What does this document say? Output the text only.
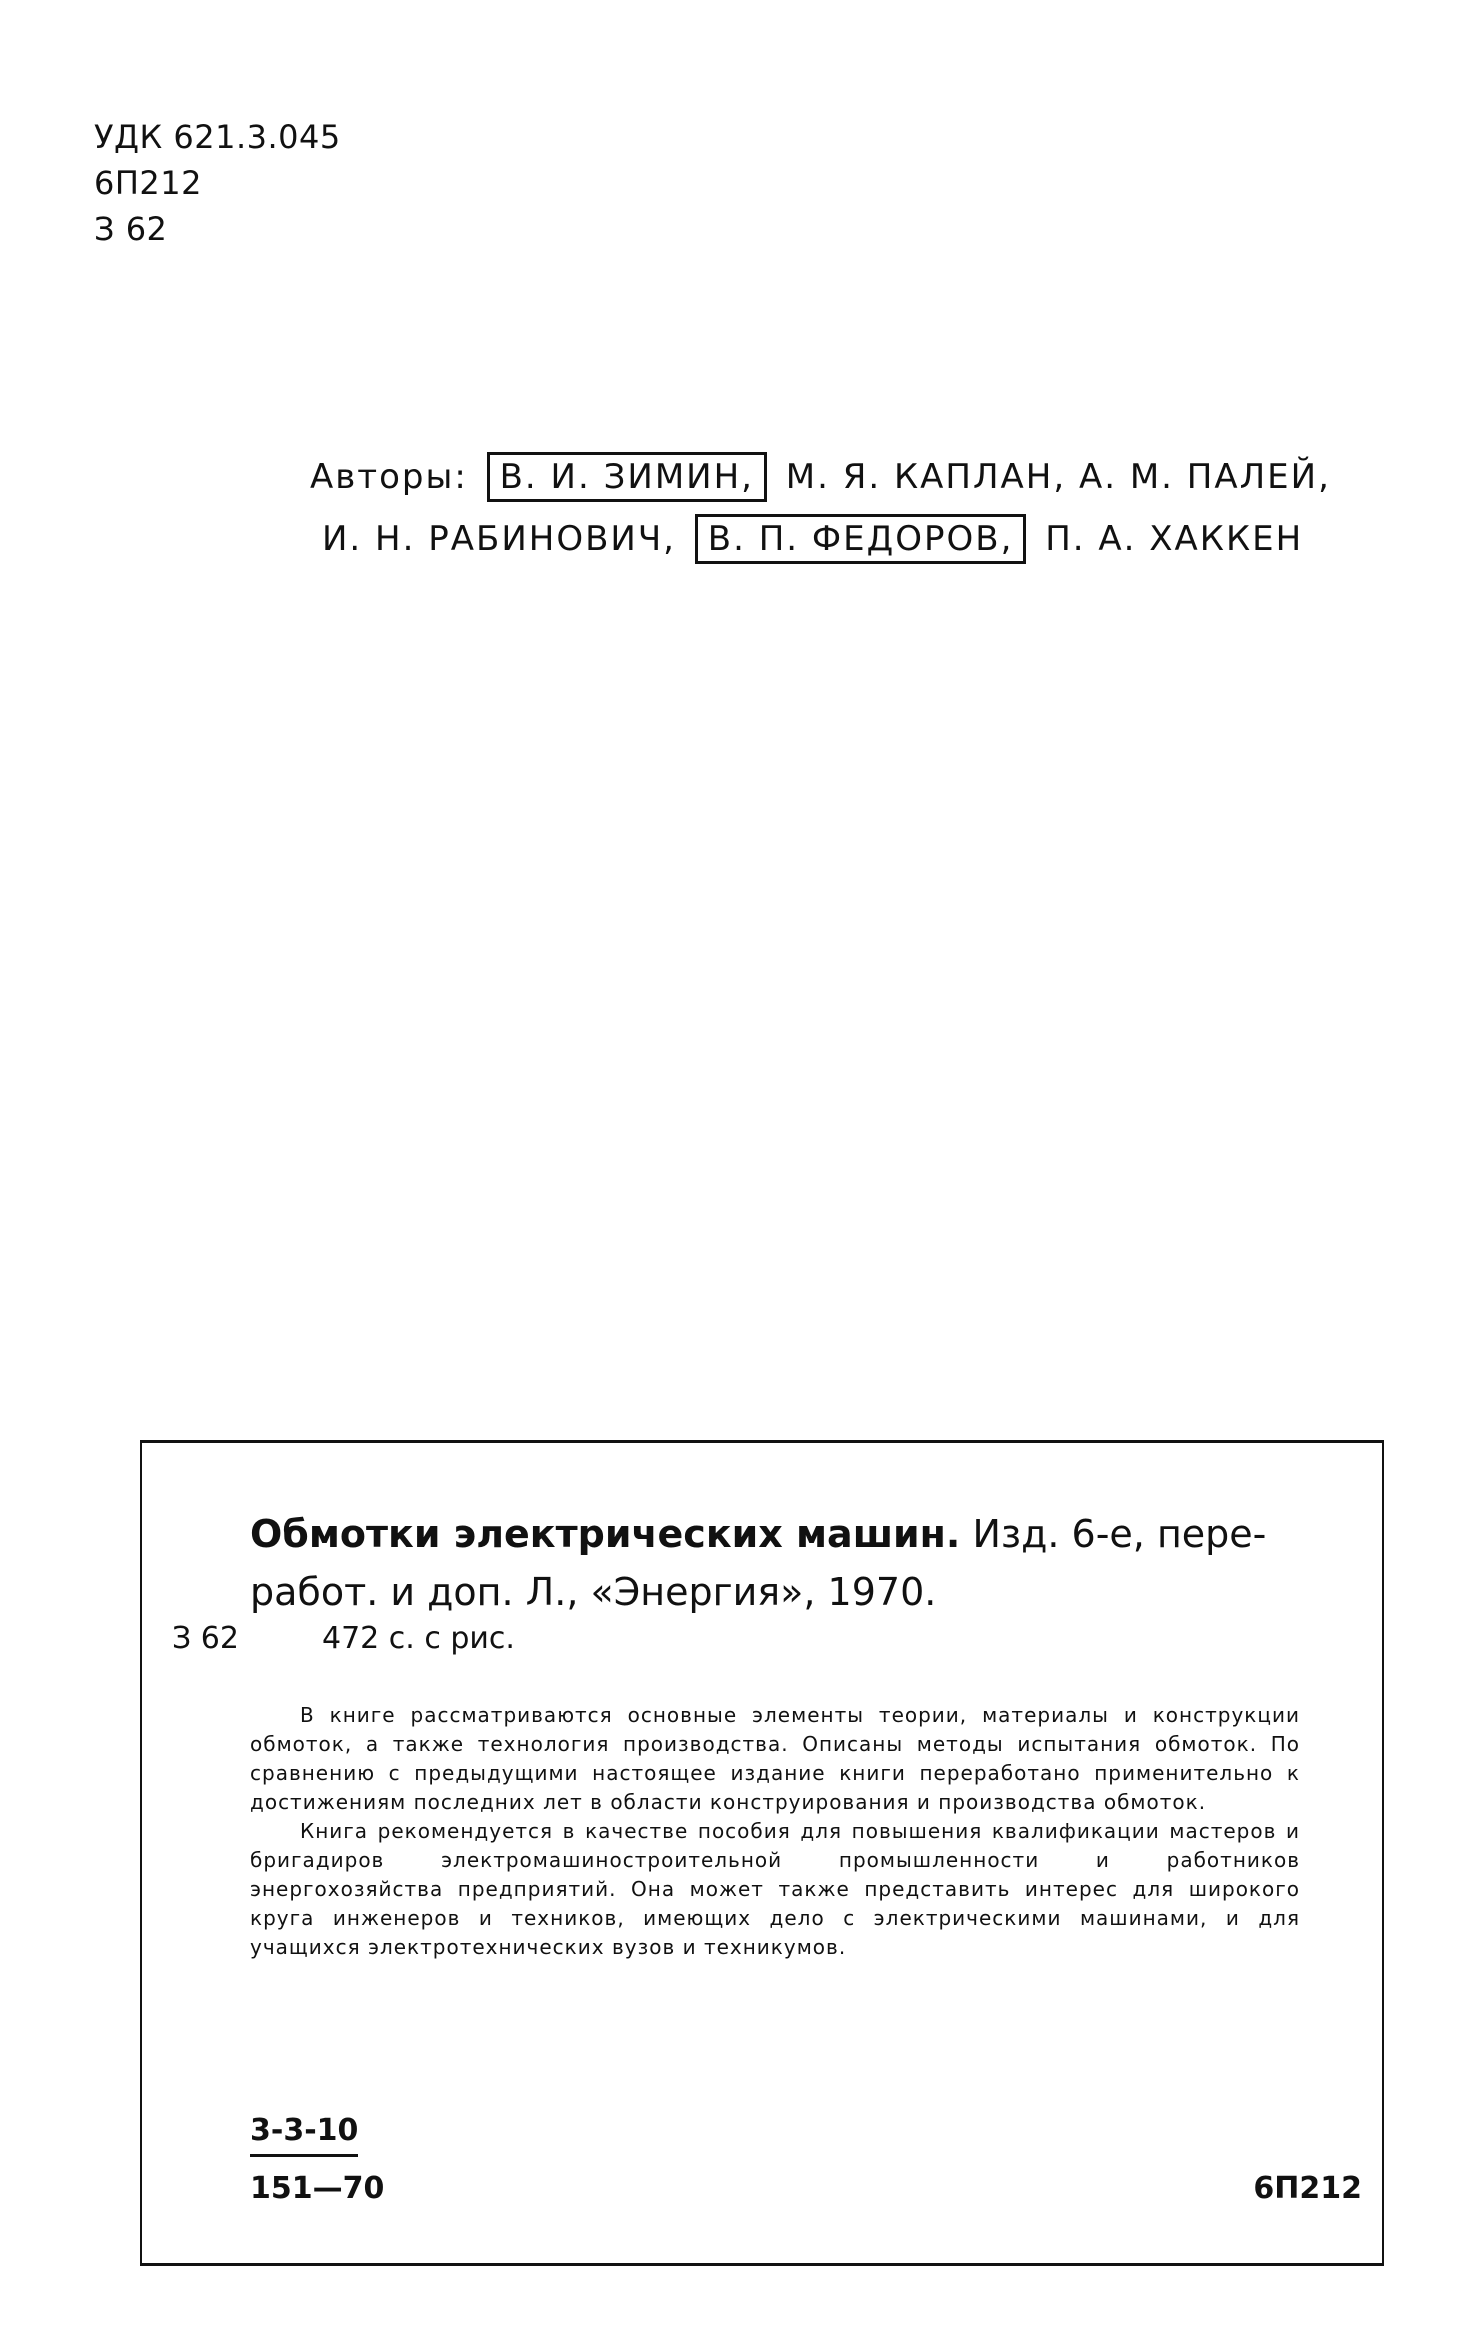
УДК 621.3.045
6П212
З 62
Авторы: В. И. ЗИМИН, М. Я. КАПЛАН, А. М. ПАЛЕЙ,
И. Н. РАБИНОВИЧ, В. П. ФЕДОРОВ, П. А. ХАККЕН
Обмотки электрических машин. Изд. 6-е, пере-
работ. и доп. Л., «Энергия», 1970.
З 62	472 с. с рис.

В книге рассматриваются основные элементы теории, материалы и конструкции обмоток, а также технология производства. Описаны методы испытания обмоток. По сравнению с предыдущими настоящее издание книги переработано применительно к достижениям последних лет в области конструирования и производства обмоток.

Книга рекомендуется в качестве пособия для повышения квалификации мастеров и бригадиров электромашиностроительной промышленности и работников энергохозяйства предприятий. Она может также представить интерес для широкого круга инженеров и техников, имеющих дело с электрическими машинами, и для учащихся электротехнических вузов и техникумов.

3-3-10
151—70	6П212
